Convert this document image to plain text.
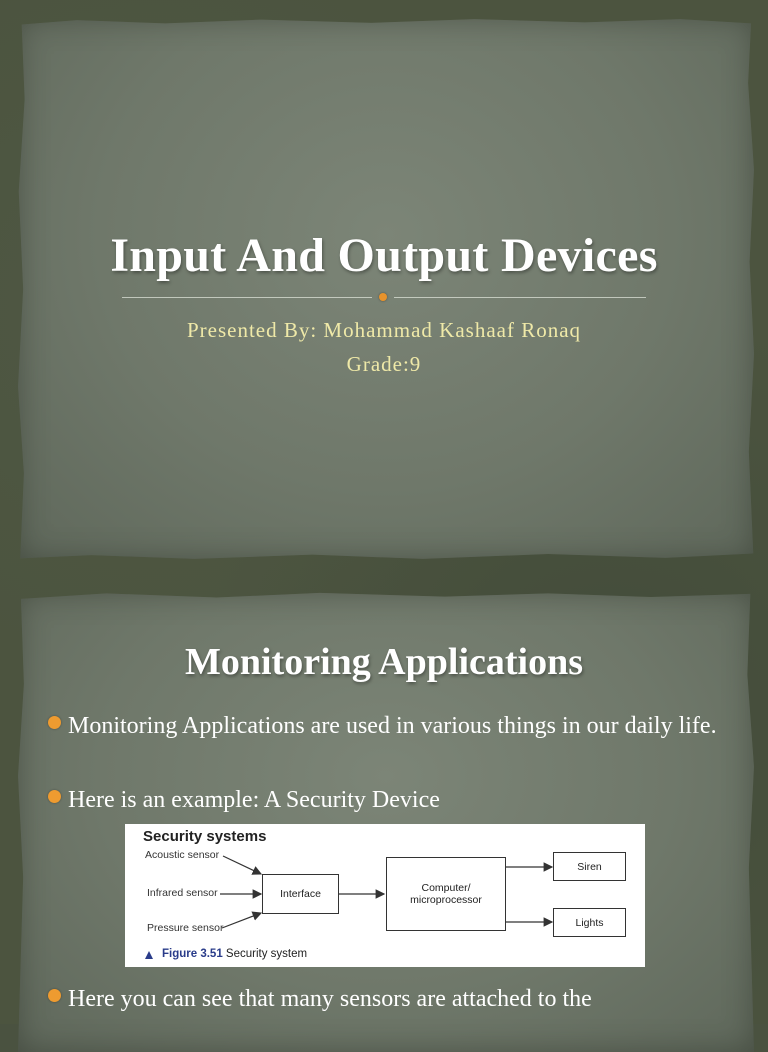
Input And Output Devices
Presented By: Mohammad Kashaaf Ronaq
Grade:9
Monitoring Applications
Monitoring Applications are used in various things in our daily life.
Here is an example: A Security Device
Security systems
Acoustic sensor
Infrared sensor
Pressure sensor
Interface	Computer/ microprocessor
Siren
Lights
Figure 3.51 Security system
Here you can see that many sensors are attached to the
